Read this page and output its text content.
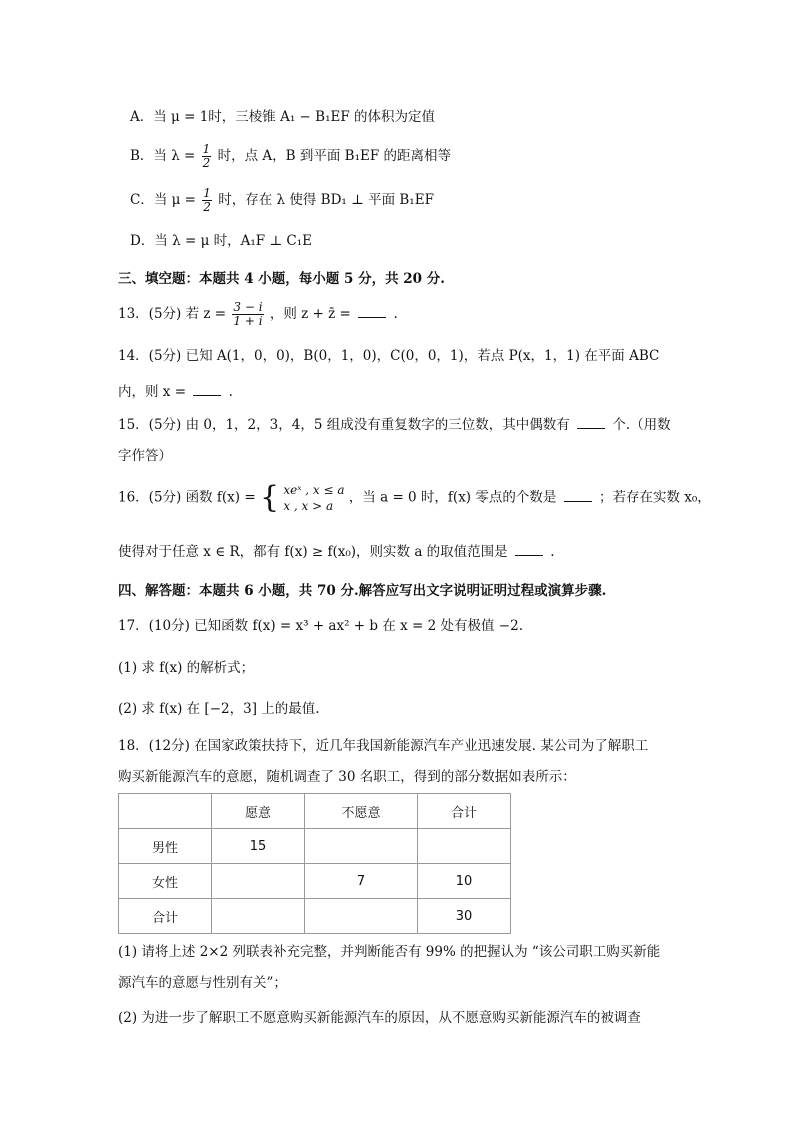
A．当 μ = 1时，三棱锥 A₁ − B₁EF 的体积为定值
B．当 $\lambda = \frac{1}{2}$ 时，点 A，B 到平面 B₁EF 的距离相等
C．当 $\mu = \frac{1}{2}$ 时，存在 λ 使得 BD₁ ⊥ 平面 B₁EF
D．当 λ = μ 时，A₁F ⊥ C₁E
三、填空题：本题共 4 小题，每小题 5 分，共 20 分.
13．(5分) 若 $z = \frac{3 - i}{1 + i}$ ，则 z + z̄ =	.
14．(5分) 已知 A(1，0，0)，B(0，1，0)，C(0，0，1)，若点 P(x，1，1) 在平面 ABC
内，则 x =	.
15．(5分) 由 0，1，2，3，4，5 组成没有重复数字的三位数，其中偶数有	个.（用数
字作答）
16．(5分) 函数 f(x) = { xeˣ , x ≤ a
x , x > a
，当 a = 0 时，f(x) 零点的个数是	；若存在实数 x₀，
使得对于任意 x ∈ R，都有 f(x) ≥ f(x₀)，则实数 a 的取值范围是	.
四、解答题：本题共 6 小题，共 70 分.解答应写出文字说明证明过程或演算步骤.
17．(10分) 已知函数 f(x) = x³ + ax² + b 在 x = 2 处有极值 −2.
(1) 求 f(x) 的解析式；
(2) 求 f(x) 在 [−2，3] 上的最值.
18．(12分) 在国家政策扶持下，近几年我国新能源汽车产业迅速发展. 某公司为了解职工
购买新能源汽车的意愿，随机调查了 30 名职工，得到的部分数据如表所示：
	愿意	不愿意	合计
男性	15		
女性		7	10
合计			30
(1) 请将上述 2×2 列联表补充完整，并判断能否有 99% 的把握认为 “该公司职工购买新能
源汽车的意愿与性别有关”；
(2) 为进一步了解职工不愿意购买新能源汽车的原因，从不愿意购买新能源汽车的被调查
